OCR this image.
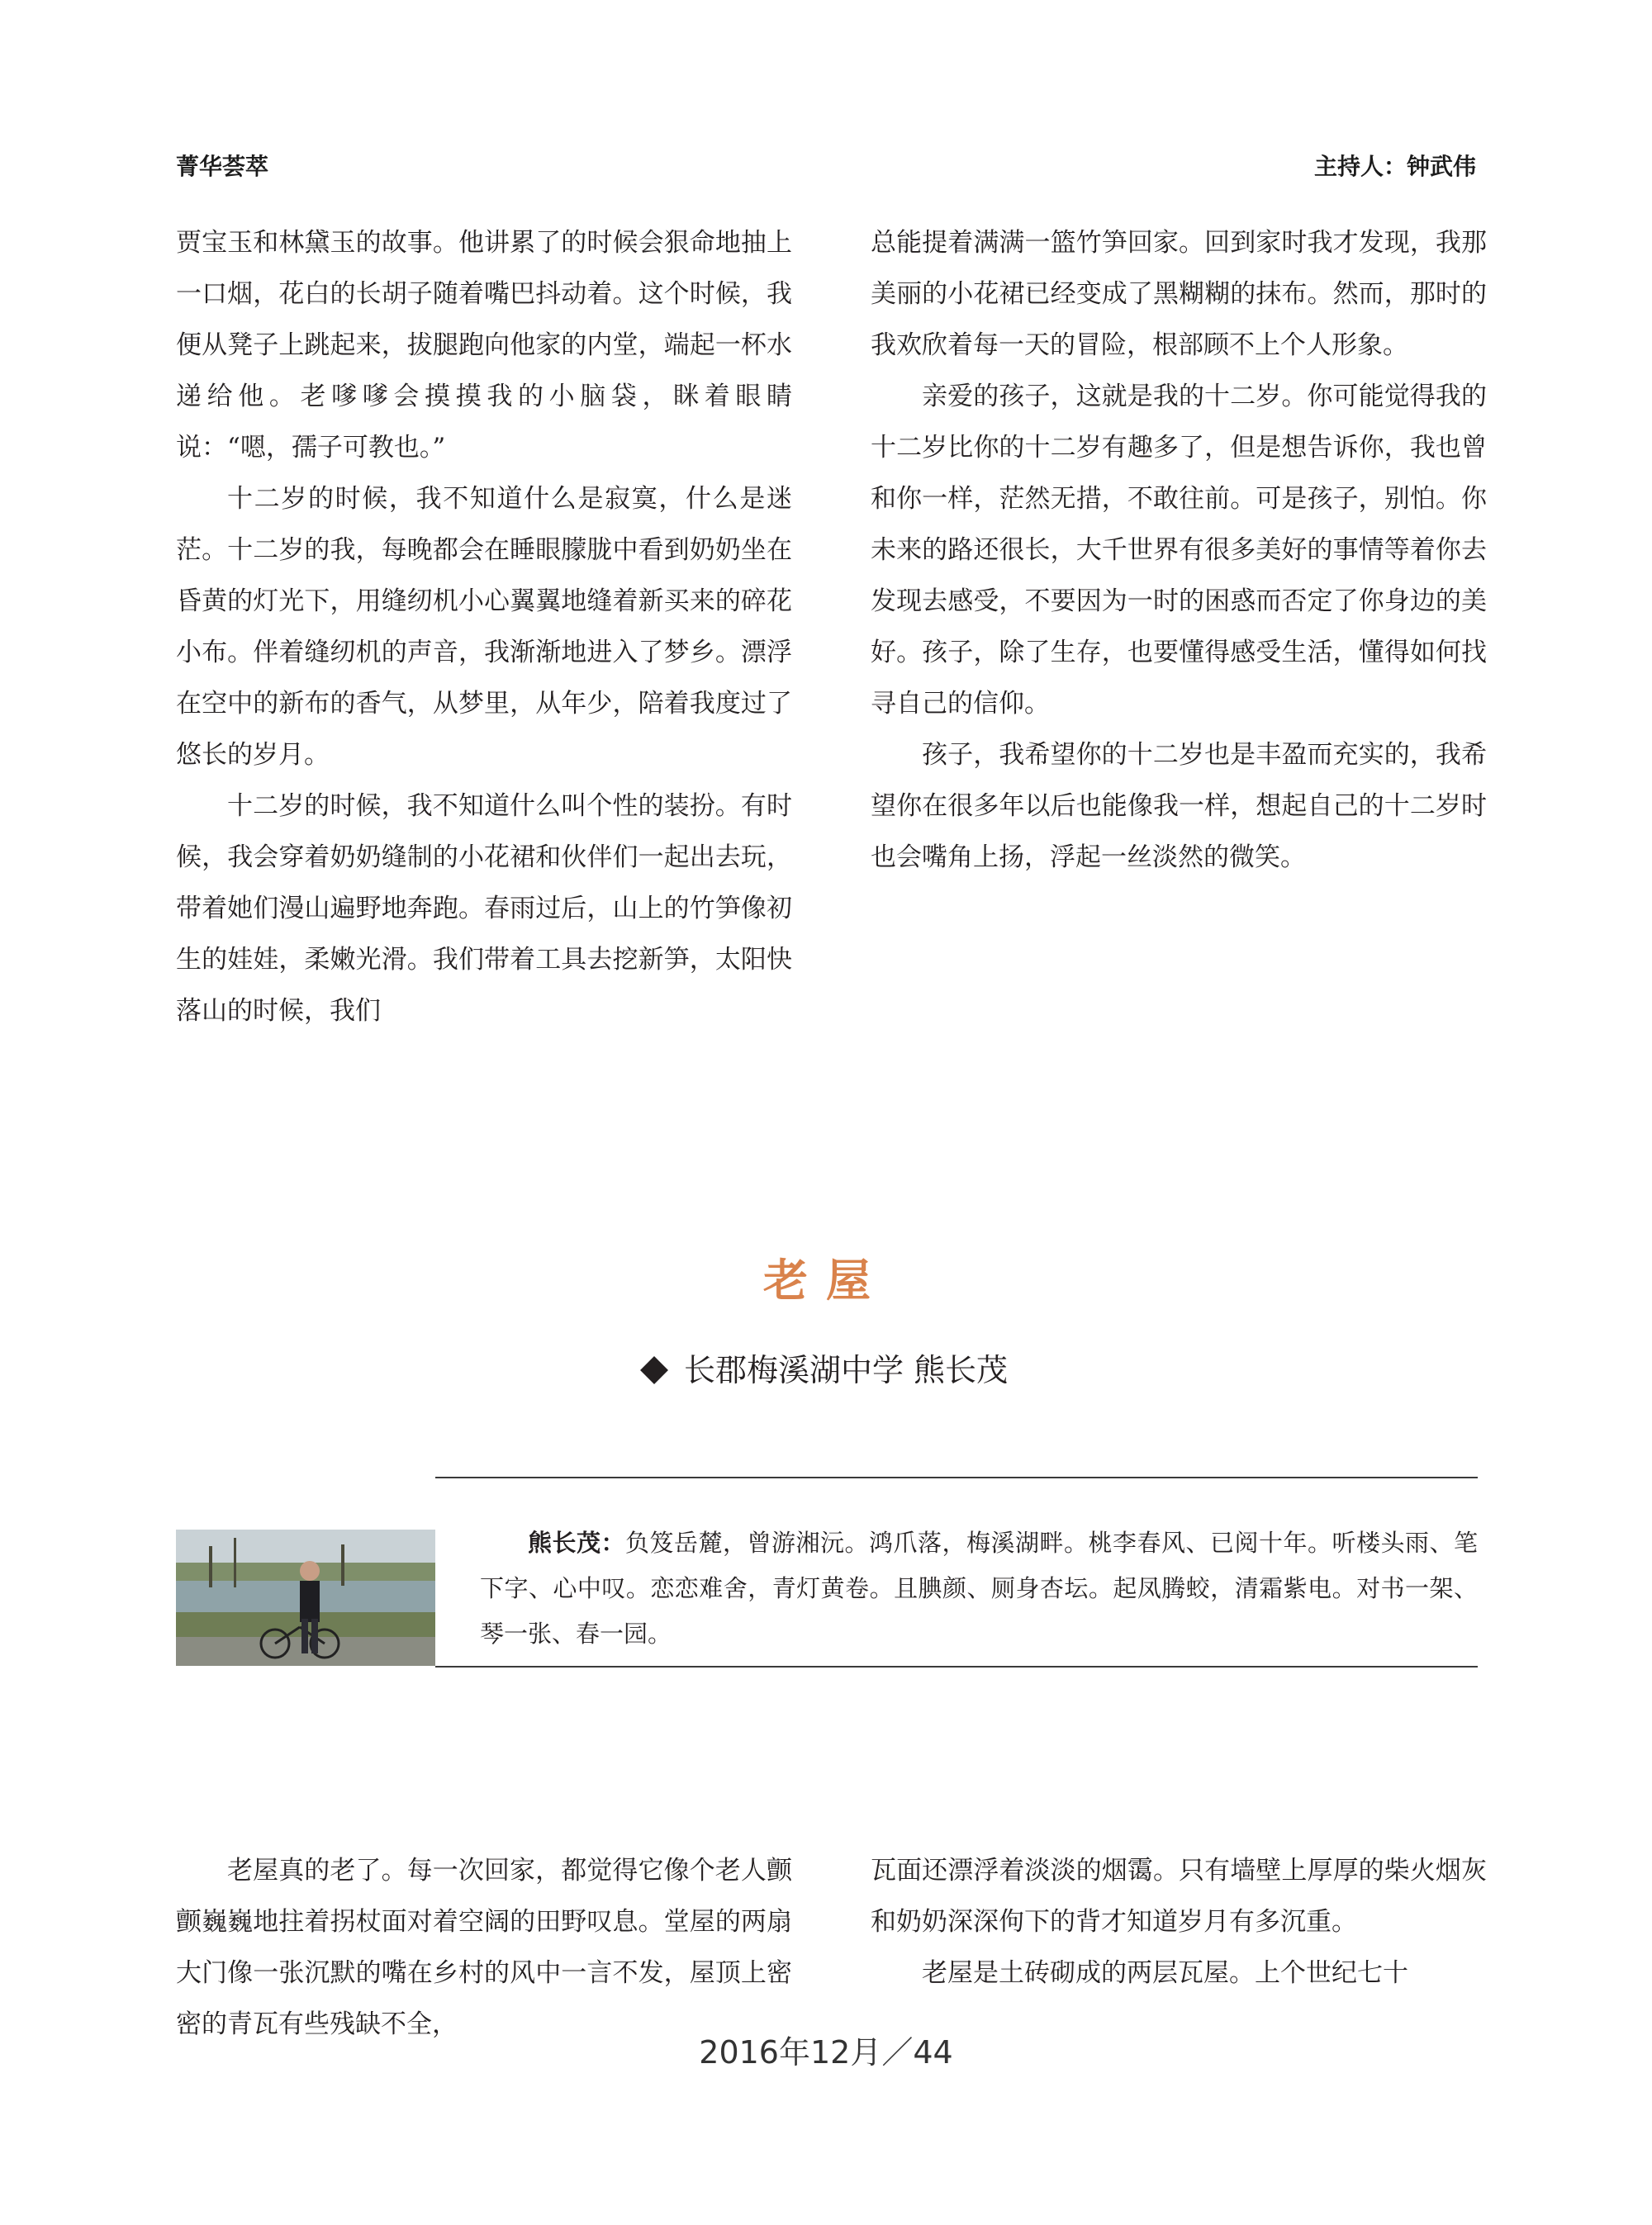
菁华荟萃	主持人：钟武伟

贾宝玉和林黛玉的故事。他讲累了的时候会狠命地抽上一口烟，花白的长胡子随着嘴巴抖动着。这个时候，我便从凳子上跳起来，拔腿跑向他家的内堂，端起一杯水递给他。老嗲嗲会摸摸我的小脑袋，眯着眼睛说：“嗯，孺子可教也。”

十二岁的时候，我不知道什么是寂寞，什么是迷茫。十二岁的我，每晚都会在睡眼朦胧中看到奶奶坐在昏黄的灯光下，用缝纫机小心翼翼地缝着新买来的碎花小布。伴着缝纫机的声音，我渐渐地进入了梦乡。漂浮在空中的新布的香气，从梦里，从年少，陪着我度过了悠长的岁月。

十二岁的时候，我不知道什么叫个性的装扮。有时候，我会穿着奶奶缝制的小花裙和伙伴们一起出去玩，带着她们漫山遍野地奔跑。春雨过后，山上的竹笋像初生的娃娃，柔嫩光滑。我们带着工具去挖新笋，太阳快落山的时候，我们

总能提着满满一篮竹笋回家。回到家时我才发现，我那美丽的小花裙已经变成了黑糊糊的抹布。然而，那时的我欢欣着每一天的冒险，根部顾不上个人形象。

亲爱的孩子，这就是我的十二岁。你可能觉得我的十二岁比你的十二岁有趣多了，但是想告诉你，我也曾和你一样，茫然无措，不敢往前。可是孩子，别怕。你未来的路还很长，大千世界有很多美好的事情等着你去发现去感受，不要因为一时的困惑而否定了你身边的美好。孩子，除了生存，也要懂得感受生活，懂得如何找寻自己的信仰。

孩子，我希望你的十二岁也是丰盈而充实的，我希望你在很多年以后也能像我一样，想起自己的十二岁时也会嘴角上扬，浮起一丝淡然的微笑。

老屋
长郡梅溪湖中学 熊长茂

熊长茂：负笈岳麓，曾游湘沅。鸿爪落，梅溪湖畔。桃李春风、已阅十年。听楼头雨、笔下字、心中叹。恋恋难舍，青灯黄卷。且腆颜、厕身杏坛。起凤腾蛟，清霜紫电。对书一架、琴一张、春一园。

老屋真的老了。每一次回家，都觉得它像个老人颤颤巍巍地拄着拐杖面对着空阔的田野叹息。堂屋的两扇大门像一张沉默的嘴在乡村的风中一言不发，屋顶上密密的青瓦有些残缺不全，

瓦面还漂浮着淡淡的烟霭。只有墙壁上厚厚的柴火烟灰和奶奶深深佝下的背才知道岁月有多沉重。

老屋是土砖砌成的两层瓦屋。上个世纪七十

2016年12月／44
